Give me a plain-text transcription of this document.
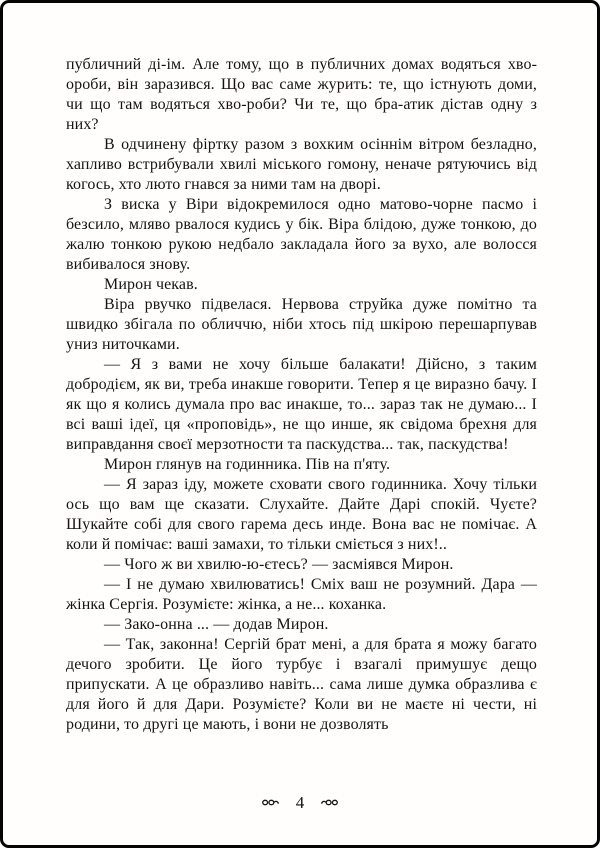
публичний ді-ім. Але тому, що в публичних домах водяться хво-ороби, він заразився. Що вас саме журить: те, що істнують доми, чи що там водяться хво-роби? Чи те, що бра-атик дістав одну з них?

В одчинену фіртку разом з вохким осіннім вітром безладно, хапливо встрибували хвилі міського гомону, неначе рятуючись від когось, хто люто гнався за ними там на дворі.

З виска у Віри відокремилося одно матово-чорне пасмо і безсило, мляво рвалося кудись у бік. Віра блідою, дуже тонкою, до жалю тонкою рукою недбало закладала його за вухо, але волосся вибивалося знову.

Мирон чекав.

Віра рвучко підвелася. Нервова струйка дуже помітно та швидко збігала по обличчю, ніби хтось під шкірою перешарпував униз ниточками.

— Я з вами не хочу більше балакати! Дійсно, з таким добродієм, як ви, треба инакше говорити. Тепер я це виразно бачу. І як що я колись думала про вас инакше, то... зараз так не думаю... І всі ваші ідеї, ця «проповідь», не що инше, як свідома брехня для виправдання своєї мерзотности та паскудства... так, паскудства!

Мирон глянув на годинника. Пів на п'яту.

— Я зараз іду, можете сховати свого годинника. Хочу тільки ось що вам ще сказати. Слухайте. Дайте Дарі спокій. Чуєте? Шукайте собі для свого гарема десь инде. Вона вас не помічає. А коли й помічає: ваші замахи, то тільки сміється з них!..

— Чого ж ви хвилю-ю-єтесь? — засміявся Мирон.

— І не думаю хвилюватись! Сміх ваш не розумний. Дара — жінка Сергія. Розумієте: жінка, а не... коханка.

— Зако-онна ... — додав Мирон.

— Так, законна! Сергій брат мені, а для брата я можу багато дечого зробити. Це його турбує і взагалі примушує дещо припускати. А це образливо навіть... сама лише думка образлива є для його й для Дари. Розумієте? Коли ви не маєте ні чести, ні родини, то другі це мають, і вони не дозволять

4
